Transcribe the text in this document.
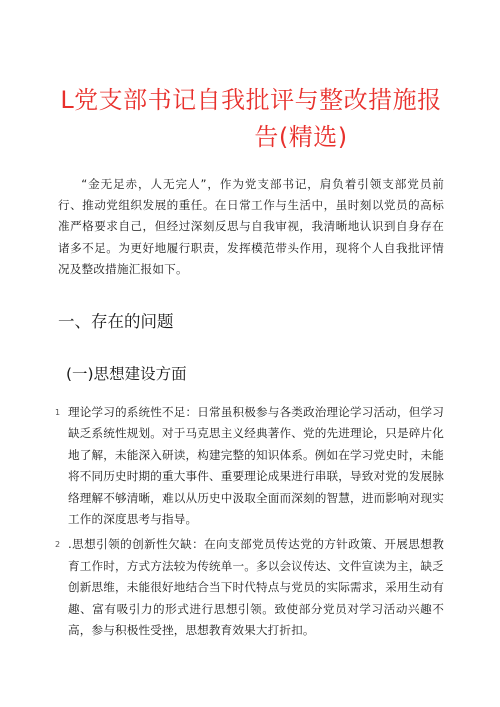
L党支部书记自我批评与整改措施报
告(精选)

“金无足赤，人无完人”，作为党支部书记，肩负着引领支部党员前行、推动党组织发展的重任。在日常工作与生活中，虽时刻以党员的高标准严格要求自己，但经过深刻反思与自我审视，我清晰地认识到自身存在诸多不足。为更好地履行职责，发挥模范带头作用，现将个人自我批评情况及整改措施汇报如下。

一、存在的问题
(一)思想建设方面

1 理论学习的系统性不足：日常虽积极参与各类政治理论学习活动，但学习缺乏系统性规划。对于马克思主义经典著作、党的先进理论，只是碎片化地了解，未能深入研读，构建完整的知识体系。例如在学习党史时，未能将不同历史时期的重大事件、重要理论成果进行串联，导致对党的发展脉络理解不够清晰，难以从历史中汲取全面而深刻的智慧，进而影响对现实工作的深度思考与指导。

2 .思想引领的创新性欠缺：在向支部党员传达党的方针政策、开展思想教育工作时，方式方法较为传统单一。多以会议传达、文件宣读为主，缺乏创新思维，未能很好地结合当下时代特点与党员的实际需求，采用生动有趣、富有吸引力的形式进行思想引领。致使部分党员对学习活动兴趣不高，参与积极性受挫，思想教育效果大打折扣。
